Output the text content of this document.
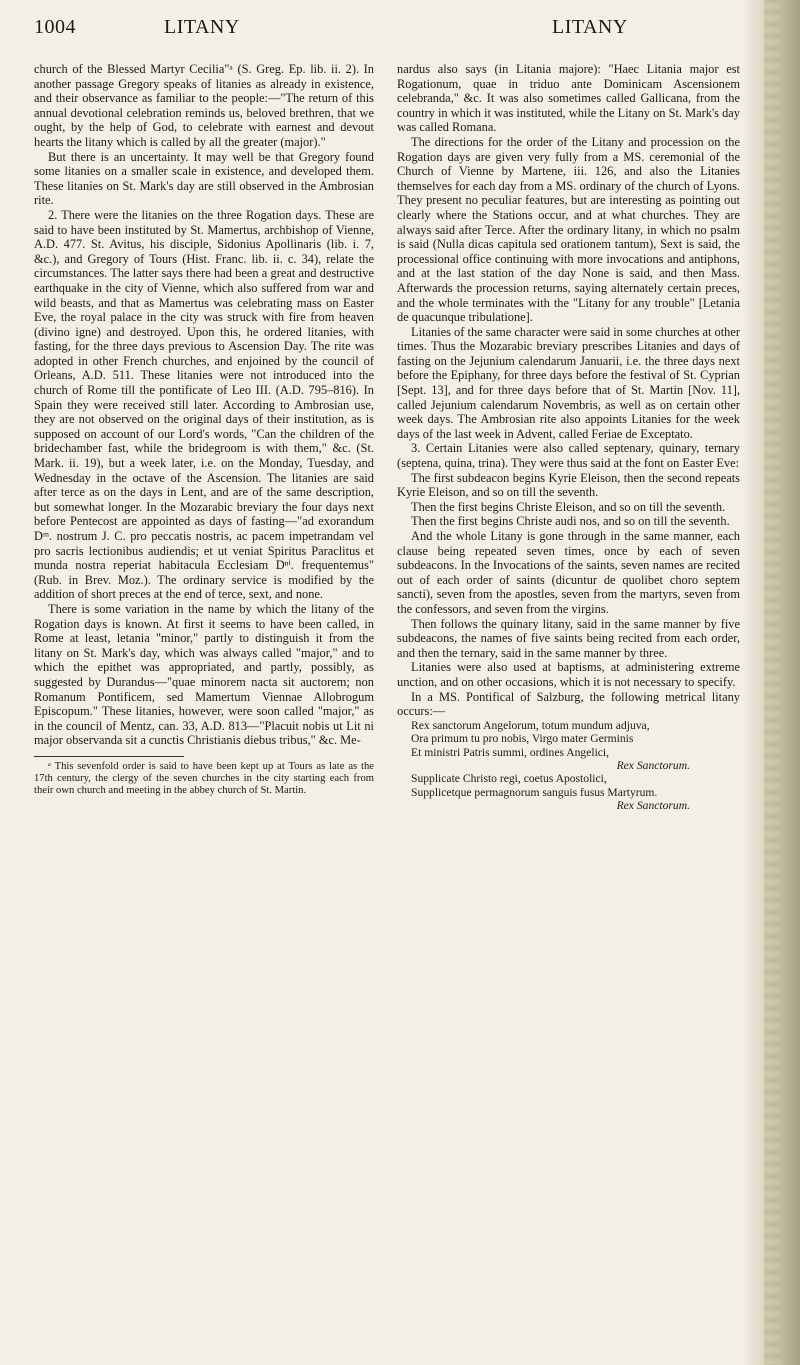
1004	LITANY	LITANY

church of the Blessed Martyr Cecilia"ᵃ (S. Greg. Ep. lib. ii. 2). In another passage Gregory speaks of litanies as already in existence, and their observance as familiar to the people:—"The return of this annual devotional celebration reminds us, beloved brethren, that we ought, by the help of God, to celebrate with earnest and devout hearts the litany which is called by all the greater (major)."

But there is an uncertainty. It may well be that Gregory found some litanies on a smaller scale in existence, and developed them. These litanies on St. Mark's day are still observed in the Ambrosian rite.

2. There were the litanies on the three Rogation days. These are said to have been instituted by St. Mamertus, archbishop of Vienne, A.D. 477. St. Avitus, his disciple, Sidonius Apollinaris (lib. i. 7, &c.), and Gregory of Tours (Hist. Franc. lib. ii. c. 34), relate the circumstances. The latter says there had been a great and destructive earthquake in the city of Vienne, which also suffered from war and wild beasts, and that as Mamertus was celebrating mass on Easter Eve, the royal palace in the city was struck with fire from heaven (divino igne) and destroyed. Upon this, he ordered litanies, with fasting, for the three days previous to Ascension Day. The rite was adopted in other French churches, and enjoined by the council of Orleans, A.D. 511. These litanies were not introduced into the church of Rome till the pontificate of Leo III. (A.D. 795–816). In Spain they were received still later. According to Ambrosian use, they are not observed on the original days of their institution, as is supposed on account of our Lord's words, "Can the children of the bridechamber fast, while the bridegroom is with them," &c. (St. Mark. ii. 19), but a week later, i.e. on the Monday, Tuesday, and Wednesday in the octave of the Ascension. The litanies are said after terce as on the days in Lent, and are of the same description, but somewhat longer. In the Mozarabic breviary the four days next before Pentecost are appointed as days of fasting—"ad exorandum Dᵐ. nostrum J. C. pro peccatis nostris, ac pacem impetrandam vel pro sacris lectionibus audiendis; et ut veniat Spiritus Paraclitus et munda nostra reperiat habitacula Ecclesiam Dⁿⁱ. frequentemus" (Rub. in Brev. Moz.). The ordinary service is modified by the addition of short preces at the end of terce, sext, and none.

There is some variation in the name by which the litany of the Rogation days is known. At first it seems to have been called, in Rome at least, letania "minor," partly to distinguish it from the litany on St. Mark's day, which was always called "major," and to which the epithet was appropriated, and partly, possibly, as suggested by Durandus—"quae minorem nacta sit auctorem; non Romanum Pontificem, sed Mamertum Viennae Allobrogum Episcopum." These litanies, however, were soon called "major," as in the council of Mentz, can. 33, A.D. 813—"Placuit nobis ut Lit ni major observanda sit a cunctis Christianis diebus tribus," &c. Me-

ᵃ This sevenfold order is said to have been kept up at Tours as late as the 17th century, the clergy of the seven churches in the city starting each from their own church and meeting in the abbey church of St. Martin.

nardus also says (in Litania majore): "Haec Litania major est Rogationum, quae in triduo ante Dominicam Ascensionem celebranda," &c. It was also sometimes called Gallicana, from the country in which it was instituted, while the Litany on St. Mark's day was called Romana.

The directions for the order of the Litany and procession on the Rogation days are given very fully from a MS. ceremonial of the Church of Vienne by Martene, iii. 126, and also the Litanies themselves for each day from a MS. ordinary of the church of Lyons. They present no peculiar features, but are interesting as pointing out clearly where the Stations occur, and at what churches. They are always said after Terce. After the ordinary litany, in which no psalm is said (Nulla dicas capitula sed orationem tantum), Sext is said, the processional office continuing with more invocations and antiphons, and at the last station of the day None is said, and then Mass. Afterwards the procession returns, saying alternately certain preces, and the whole terminates with the "Litany for any trouble" [Letania de quacunque tribulatione].

Litanies of the same character were said in some churches at other times. Thus the Mozarabic breviary prescribes Litanies and days of fasting on the Jejunium calendarum Januarii, i.e. the three days next before the Epiphany, for three days before the festival of St. Cyprian [Sept. 13], and for three days before that of St. Martin [Nov. 11], called Jejunium calendarum Novembris, as well as on certain other week days. The Ambrosian rite also appoints Litanies for the week days of the last week in Advent, called Feriae de Exceptato.

3. Certain Litanies were also called septenary, quinary, ternary (septena, quina, trina). They were thus said at the font on Easter Eve:

The first subdeacon begins Kyrie Eleison, then the second repeats Kyrie Eleison, and so on till the seventh.

Then the first begins Christe Eleison, and so on till the seventh.

Then the first begins Christe audi nos, and so on till the seventh.

And the whole Litany is gone through in the same manner, each clause being repeated seven times, once by each of seven subdeacons. In the Invocations of the saints, seven names are recited out of each order of saints (dicuntur de quolibet choro septem sancti), seven from the apostles, seven from the martyrs, seven from the confessors, and seven from the virgins.

Then follows the quinary litany, said in the same manner by five subdeacons, the names of five saints being recited from each order, and then the ternary, said in the same manner by three.

Litanies were also used at baptisms, at administering extreme unction, and on other occasions, which it is not necessary to specify.

In a MS. Pontifical of Salzburg, the following metrical litany occurs:—

Rex sanctorum Angelorum, totum mundum adjuva,

Ora primum tu pro nobis, Virgo mater Germinis

Et ministri Patris summi, ordines Angelici,

Rex Sanctorum.

Supplicate Christo regi, coetus Apostolici,

Supplicetque permagnorum sanguis fusus Martyrum.

Rex Sanctorum.
